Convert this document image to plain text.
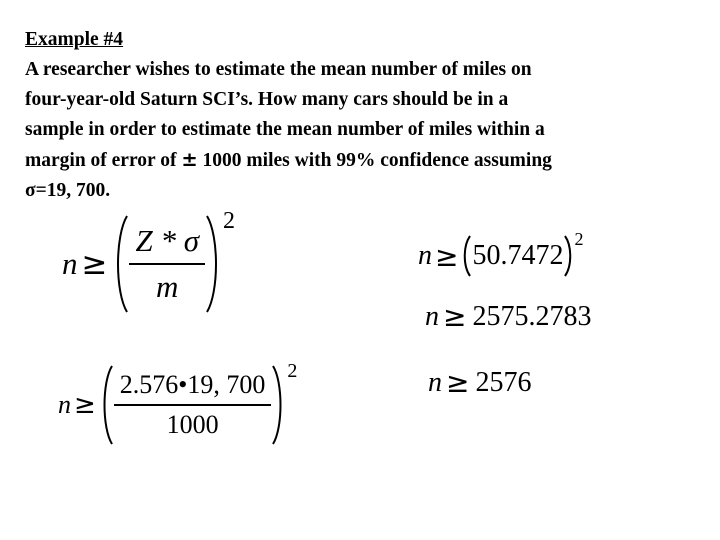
Example #4
A researcher wishes to estimate the mean number of miles on
four-year-old Saturn SCI’s. How many cars should be in a
sample in order to estimate the mean number of miles within a
margin of error of ± 1000 miles with 99% confidence assuming
σ=19, 700.
$n \ge \frac{Z * \sigma}{m}$
2
$n \ge \frac{2.576•19, 700}{1000} 2$
n ≥ 50.7472
2
n ≥ 2575.2783
n ≥ 2576
